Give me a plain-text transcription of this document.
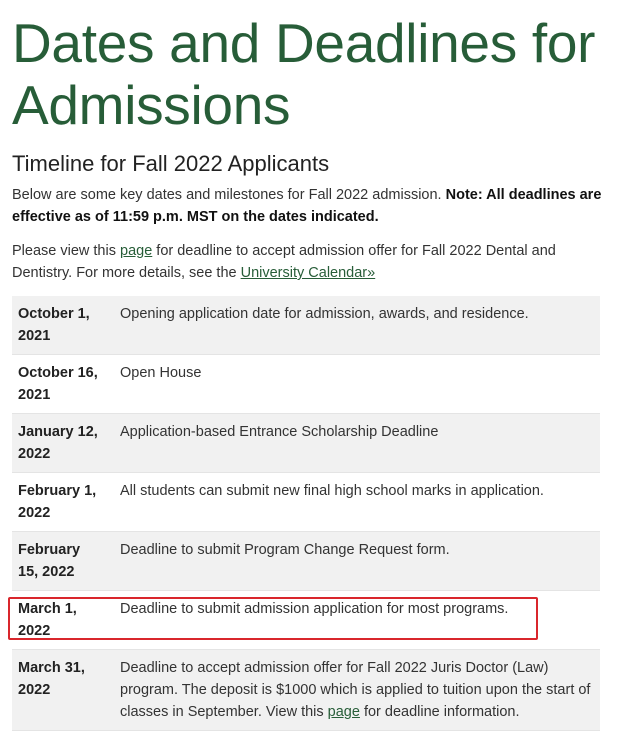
Dates and Deadlines for Admissions
Timeline for Fall 2022 Applicants

Below are some key dates and milestones for Fall 2022 admission. Note: All deadlines are effective as of 11:59 p.m. MST on the dates indicated.

Please view this page for deadline to accept admission offer for Fall 2022 Dental and Dentistry. For more details, see the University Calendar»

October 1, 2021	Opening application date for admission, awards, and residence.
October 16, 2021	Open House
January 12, 2022	Application-based Entrance Scholarship Deadline
February 1, 2022	All students can submit new final high school marks in application.
February 15, 2022	Deadline to submit Program Change Request form.
March 1, 2022	Deadline to submit admission application for most programs.
March 31, 2022	Deadline to accept admission offer for Fall 2022 Juris Doctor (Law) program. The deposit is $1000 which is applied to tuition upon the start of classes in September. View this page for deadline information.
